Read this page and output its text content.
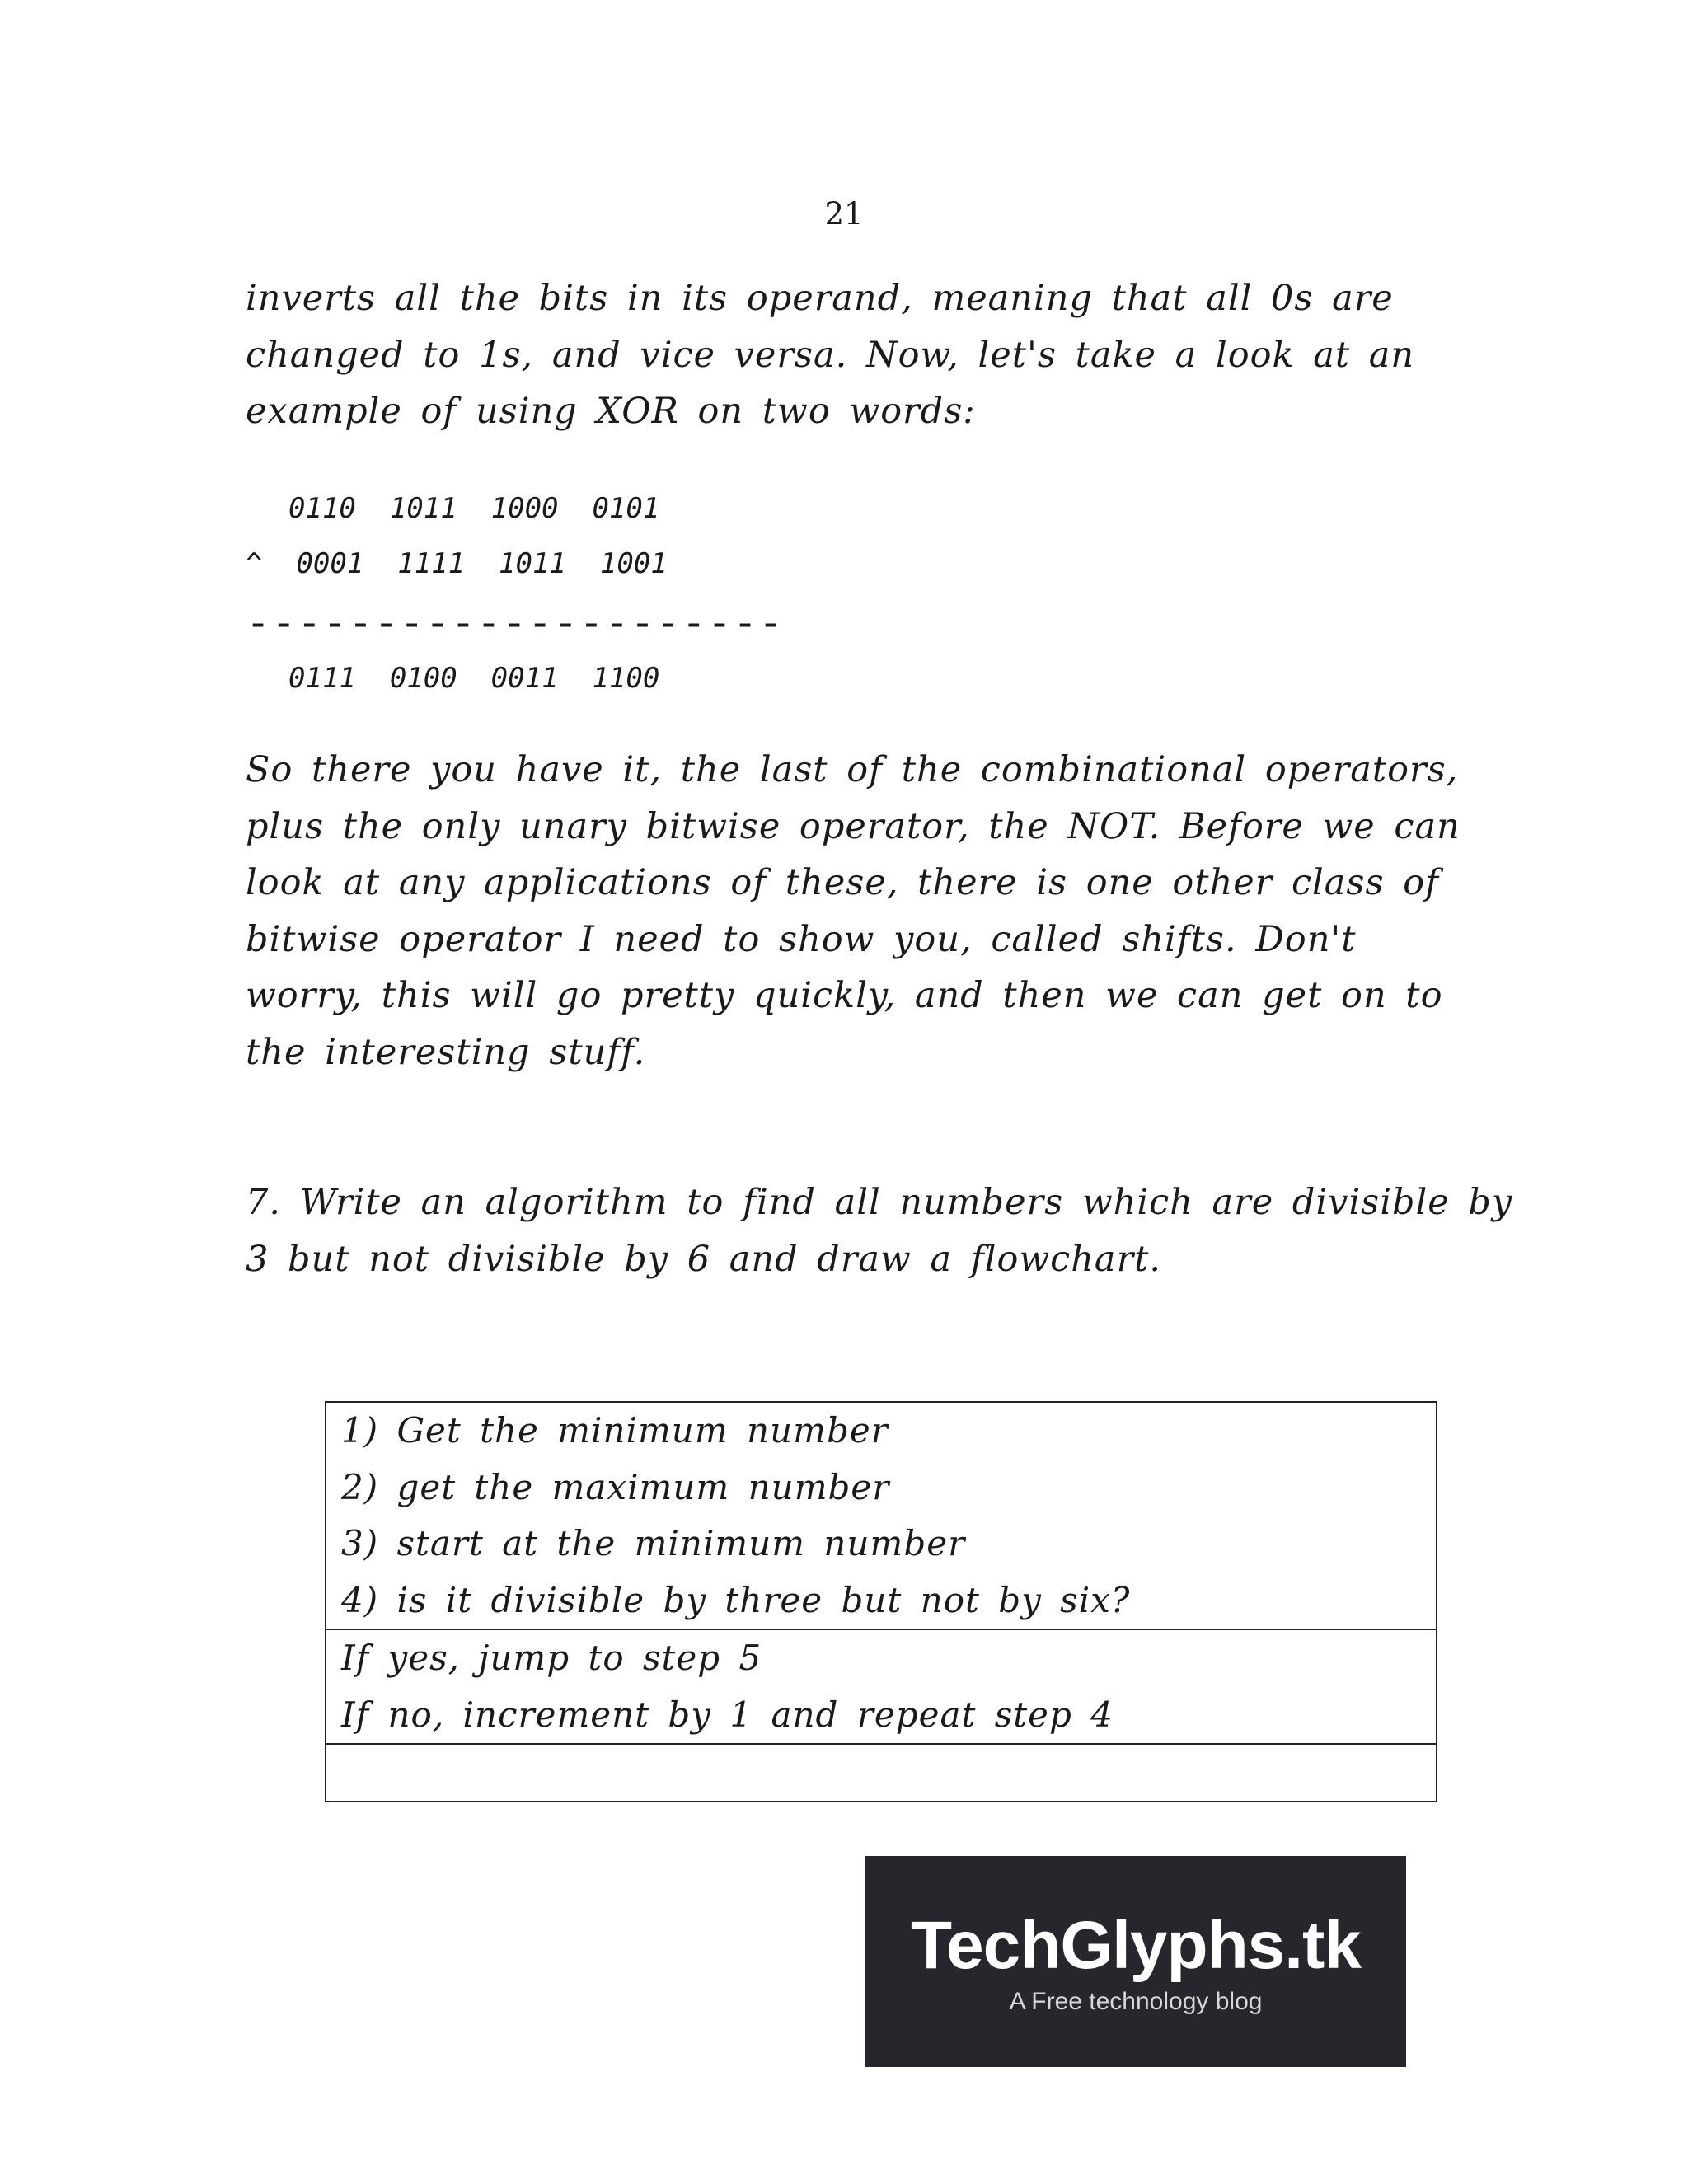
21

inverts all the bits in its operand, meaning that all 0s are
changed to 1s, and vice versa. Now, let's take a look at an
example of using XOR on two words:

0110  1011  1000  0101
^  0001  1111  1011  1001
---------------------
0111  0100  0011  1100

So there you have it, the last of the combinational operators,
plus the only unary bitwise operator, the NOT. Before we can
look at any applications of these, there is one other class of
bitwise operator I need to show you, called shifts. Don't
worry, this will go pretty quickly, and then we can get on to
the interesting stuff.

7. Write an algorithm to find all numbers which are divisible by
3 but not divisible by 6 and draw a flowchart.

1) Get the minimum number
2) get the maximum number
3) start at the minimum number
4) is it divisible by three but not by six?

If yes, jump to step 5
If no, increment by 1 and repeat step 4

TechGlyphs.tk
A Free technology blog
